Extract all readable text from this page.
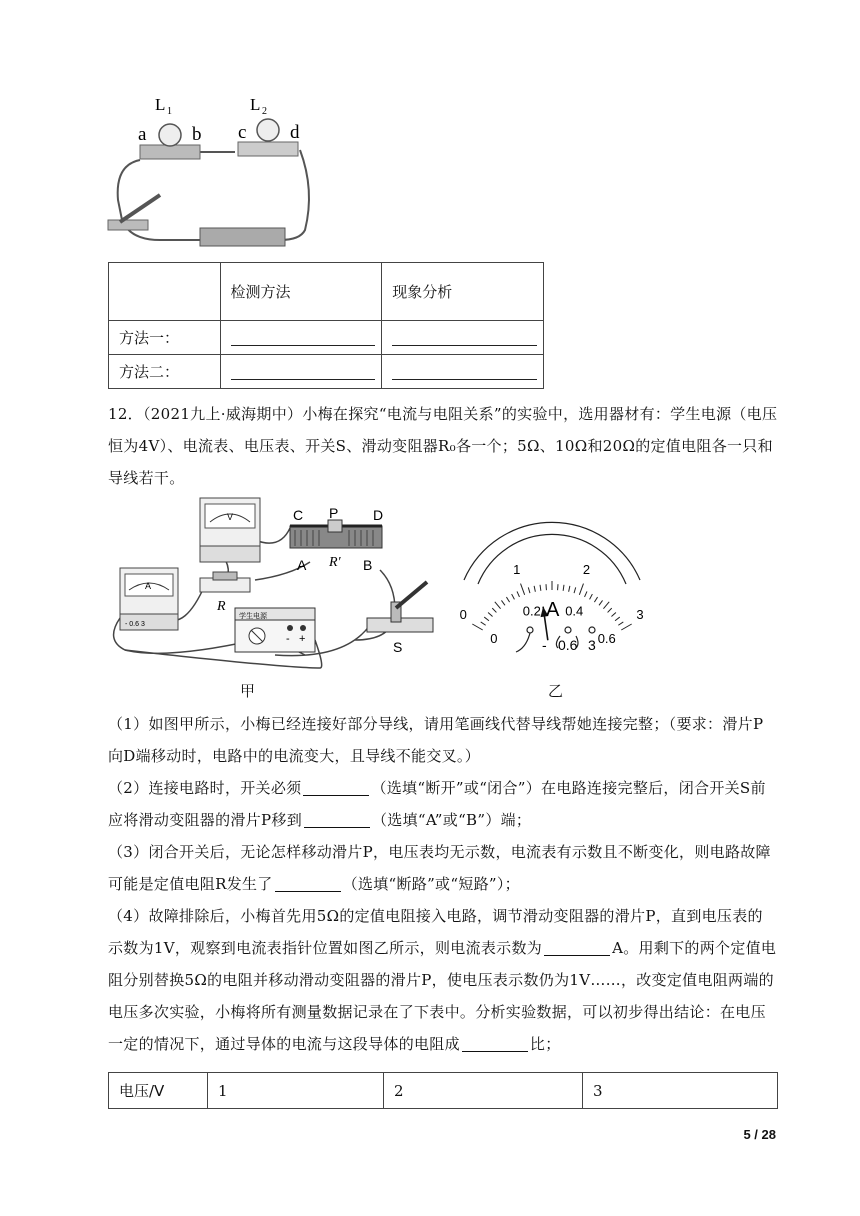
L 1	L 2
a b c d
	检测方法	现象分析
方法一：	

方法二：	

12．（2021九上·威海期中）小梅在探究“电流与电阻关系”的实验中，选用器材有：学生电源（电压恒为4V）、电流表、电压表、开关S、滑动变阻器R₀各一个；5Ω、10Ω和20Ω的定值电阻各一只和导线若干。
V
A
- 0.6 3
R
C P D
A R′ B
学生电源
- +	S
甲
0
1	2
3
0
0.2 0.4
0.6
A
- 0.6 3
乙
（1）如图甲所示，小梅已经连接好部分导线，请用笔画线代替导线帮她连接完整；（要求：滑片P向D端移动时，电路中的电流变大，且导线不能交叉。）
（2）连接电路时，开关必须	（选填“断开”或“闭合”）在电路连接完整后，闭合开关S前应将滑动变阻器的滑片P移到	（选填“A”或“B”）端；
（3）闭合开关后，无论怎样移动滑片P，电压表均无示数，电流表有示数且不断变化，则电路故障可能是定值电阻R发生了	（选填“断路”或“短路”）；
（4）故障排除后，小梅首先用5Ω的定值电阻接入电路，调节滑动变阻器的滑片P，直到电压表的示数为1V，观察到电流表指针位置如图乙所示，则电流表示数为	A。用剩下的两个定值电阻分别替换5Ω的电阻并移动滑动变阻器的滑片P，使电压表示数仍为1V……，改变定值电阻两端的电压多次实验，小梅将所有测量数据记录在了下表中。分析实验数据，可以初步得出结论：在电压一定的情况下，通过导体的电流与这段导体的电阻成	比；
电压/V	1	2	3
5 / 28
